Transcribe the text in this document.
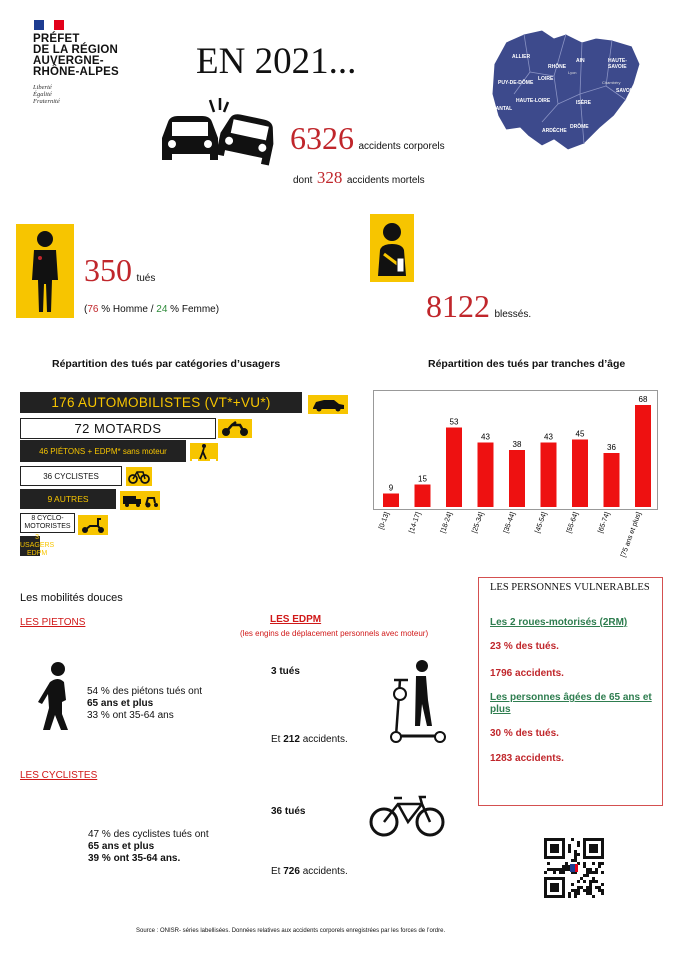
PRÉFET
DE LA RÉGION
AUVERGNE-
RHÔNE-ALPES
Liberté
Égalité
Fraternité
EN 2021...	ALLIER
AIN	HAUTE-SAVOIE
RHÔNE
PUY-DE-DÔME
LOIRE
SAVOIE
HAUTE-LOIRE	ISÈRE
CANTAL
ARDÈCHE
DRÔME
Lyon
Chambéry
6326 accidents corporels
dont 328 accidents mortels
350 tués
(76 % Homme / 24 % Femme)	8122 blessés.
Répartition des tués par catégories d’usagers
176 AUTOMOBILISTES (VT*+VU*)
72 MOTARDS
46 PIÉTONS + EDPM* sans moteur
36 CYCLISTES
9 AUTRES
8 CYCLO-MOTORISTES
3 USAGERS EDPM
Répartition des tués par tranches d’âge
9
[0-13]
15
[14-17]
53
[18-24]
43
[25-34]
38
[35-44]
43
[45-54]
45
[55-64]
36
[65-74]
68
[75 ans et plus]
Les mobilités douces
LES PIETONS
54 % des piétons tués ont
65 ans et plus
33 % ont 35-64 ans
LES CYCLISTES
47 % des cyclistes tués ont
65 ans et plus
39 % ont 35-64 ans.
LES EDPM
(les engins de déplacement personnels avec moteur)
3 tués
Et 212 accidents.
36 tués
Et 726 accidents.
LES PERSONNES VULNERABLES
Les 2 roues-motorisés (2RM)
23 % des tués.
1796 accidents.
Les personnes âgées de 65 ans et plus
30 % des tués.
1283 accidents.
Source : ONISR- séries labellisées. Données relatives aux accidents corporels enregistrées par les forces de l’ordre.
